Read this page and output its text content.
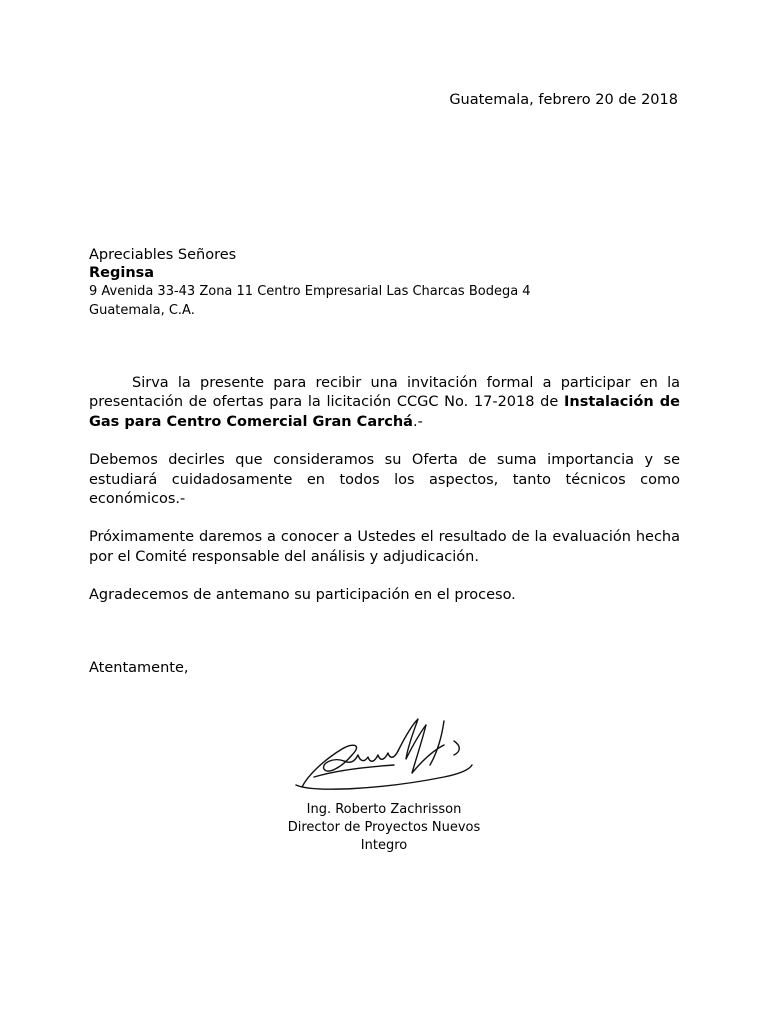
Guatemala, febrero 20 de 2018
Apreciables Señores
Reginsa
9 Avenida 33-43 Zona 11 Centro Empresarial Las Charcas Bodega 4
Guatemala, C.A.

Sirva la presente para recibir una invitación formal a participar en la presentación de ofertas para la licitación CCGC No. 17-2018 de Instalación de Gas para Centro Comercial Gran Carchá.-

Debemos decirles que consideramos su Oferta de suma importancia y se estudiará cuidadosamente en todos los aspectos, tanto técnicos como económicos.-

Próximamente daremos a conocer a Ustedes el resultado de la evaluación hecha por el Comité responsable del análisis y adjudicación.

Agradecemos de antemano su participación en el proceso.

Atentamente,
Ing. Roberto Zachrisson
Director de Proyectos Nuevos
Integro
